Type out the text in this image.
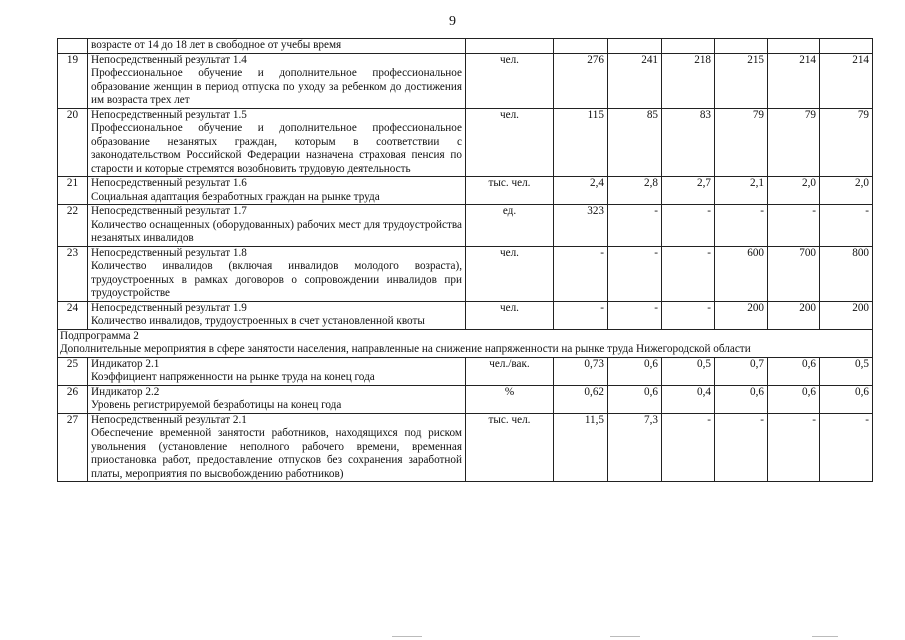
9

	возрасте от 14 до 18 лет в свободное от учебы время							

19	Непосредственный результат 1.4
Профессиональное обучение и дополнительное профессиональное образование женщин в период отпуска по уходу за ребенком до достижения им возраста трех лет	чел.	276	241	218	215	214	214
20	Непосредственный результат 1.5
Профессиональное обучение и дополнительное профессиональное образование незанятых граждан, которым в соответствии с законодательством Российской Федерации назначена страховая пенсия по старости и которые стремятся возобновить трудовую деятельность	чел.	115	85	83	79	79	79
21	Непосредственный результат 1.6
Социальная адаптация безработных граждан на рынке труда	тыс. чел.	2,4	2,8	2,7	2,1	2,0	2,0
22	Непосредственный результат 1.7
Количество оснащенных (оборудованных) рабочих мест для трудоустройства незанятых инвалидов	ед.	323	-	-	-	-	-
23	Непосредственный результат 1.8
Количество инвалидов (включая инвалидов молодого возраста), трудоустроенных в рамках договоров о сопровождении инвалидов при трудоустройстве	чел.	-	-	-	600	700	800
24	Непосредственный результат 1.9
Количество инвалидов, трудоустроенных в счет установленной квоты	чел.	-	-	-	200	200	200

Подпрограмма 2
Дополнительные мероприятия в сфере занятости населения, направленные на снижение напряженности на рынке труда Нижегородской области								

25	Индикатор 2.1
Коэффициент напряженности на рынке труда на конец года	чел./вак.	0,73	0,6	0,5	0,7	0,6	0,5
26	Индикатор 2.2
Уровень регистрируемой безработицы на конец года	%	0,62	0,6	0,4	0,6	0,6	0,6
27	Непосредственный результат 2.1
Обеспечение временной занятости работников, находящихся под риском увольнения (установление неполного рабочего времени, временная приостановка работ, предоставление отпусков без сохранения заработной платы, мероприятия по высвобождению работников)	тыс. чел.	11,5	7,3	-	-	-	-
